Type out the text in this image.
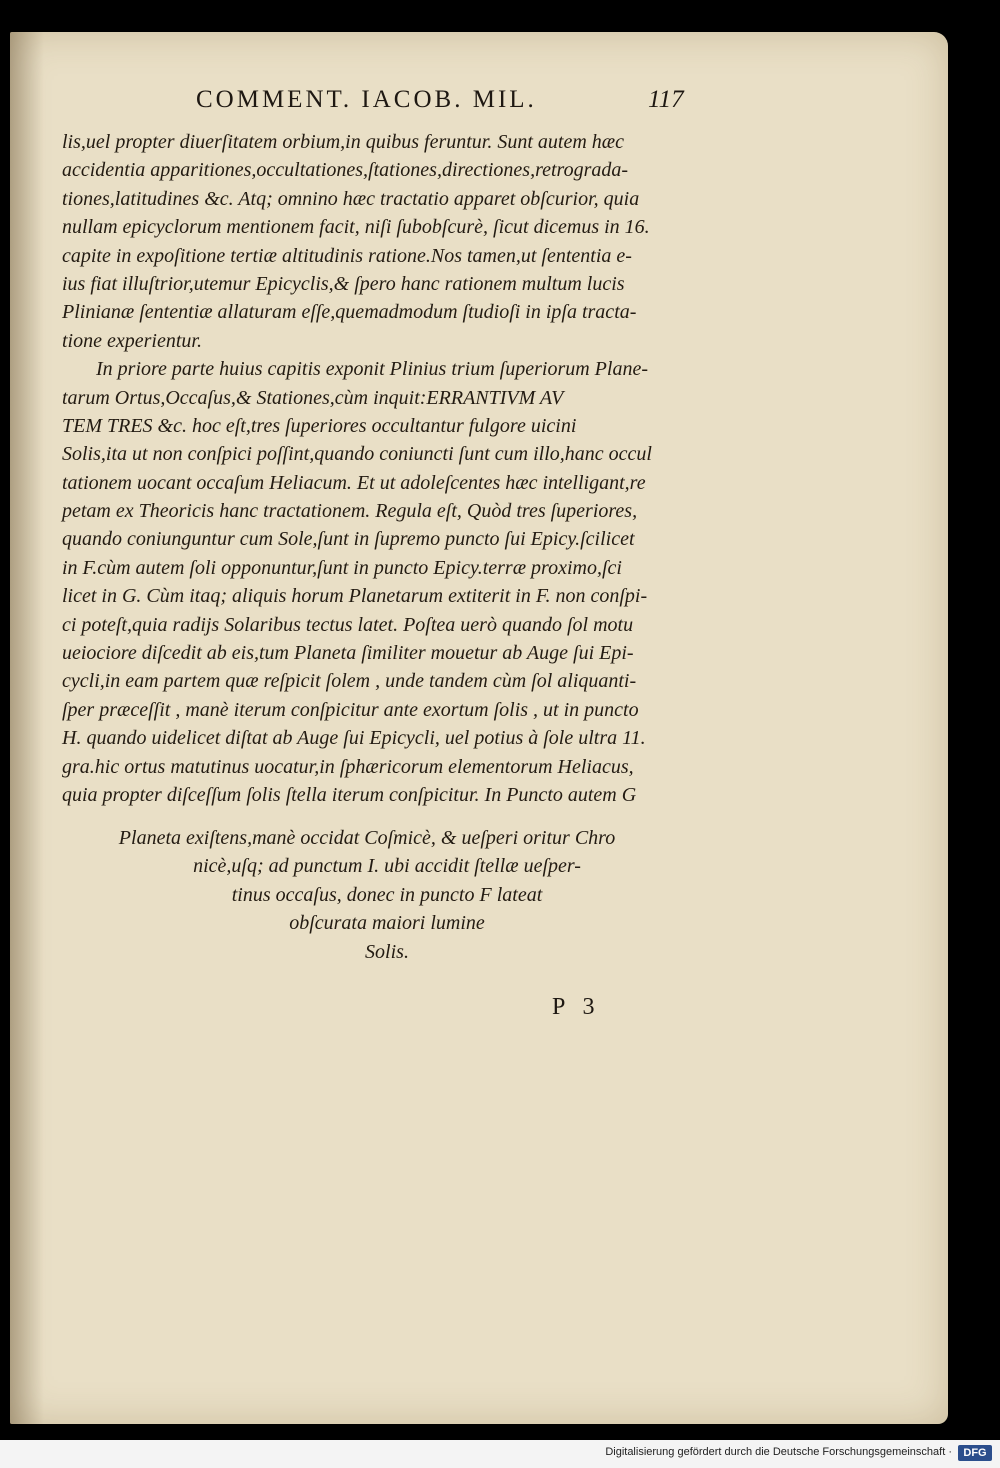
COMMENT. IACOB. MIL.	117
lis,uel propter diuerſitatem orbium,in quibus feruntur. Sunt autem hæc
accidentia apparitiones,occultationes,ſtationes,directiones,retrograda-
tiones,latitudines &c. Atq; omnino hæc tractatio apparet obſcurior, quia
nullam epicyclorum mentionem facit, niſi ſubobſcurè, ſicut dicemus in 16.
capite in expoſitione tertiæ altitudinis ratione.Nos tamen,ut ſententia e-
ius fiat illuſtrior,utemur Epicyclis,& ſpero hanc rationem multum lucis
Plinianæ ſententiæ allaturam eſſe,quemadmodum ſtudioſi in ipſa tracta-
tione experientur.
In priore parte huius capitis exponit Plinius trium ſuperiorum Plane-
tarum Ortus,Occaſus,& Stationes,cùm inquit:ERRANTIVM AV
TEM TRES &c. hoc eſt,tres ſuperiores occultantur fulgore uicini
Solis,ita ut non conſpici poſſint,quando coniuncti ſunt cum illo,hanc occul
tationem uocant occaſum Heliacum. Et ut adoleſcentes hæc intelligant,re
petam ex Theoricis hanc tractationem. Regula eſt, Quòd tres ſuperiores,
quando coniunguntur cum Sole,ſunt in ſupremo puncto ſui Epicy.ſcilicet
in F.cùm autem ſoli opponuntur,ſunt in puncto Epicy.terræ proximo,ſci
licet in G. Cùm itaq; aliquis horum Planetarum extiterit in F. non conſpi-
ci poteſt,quia radijs Solaribus tectus latet. Poſtea uerò quando ſol motu
ueiociore diſcedit ab eis,tum Planeta ſimiliter mouetur ab Auge ſui Epi-
cycli,in eam partem quæ reſpicit ſolem , unde tandem cùm ſol aliquanti-
ſper præceſſit , manè iterum conſpicitur ante exortum ſolis , ut in puncto
H. quando uidelicet diſtat ab Auge ſui Epicycli, uel potius à ſole ultra 11.
gra.hic ortus matutinus uocatur,in ſphæricorum elementorum Heliacus,
quia propter diſceſſum ſolis ſtella iterum conſpicitur. In Puncto autem G
Planeta exiſtens,manè occidat Coſmicè, & ueſperi oritur Chro
nicè,uſq; ad punctum I. ubi accidit ſtellæ ueſper-
tinus occaſus, donec in puncto F lateat
obſcurata maiori lumine
Solis.
P 3
Digitalisierung gefördert durch die Deutsche Forschungsgemeinschaft ·	DFG
